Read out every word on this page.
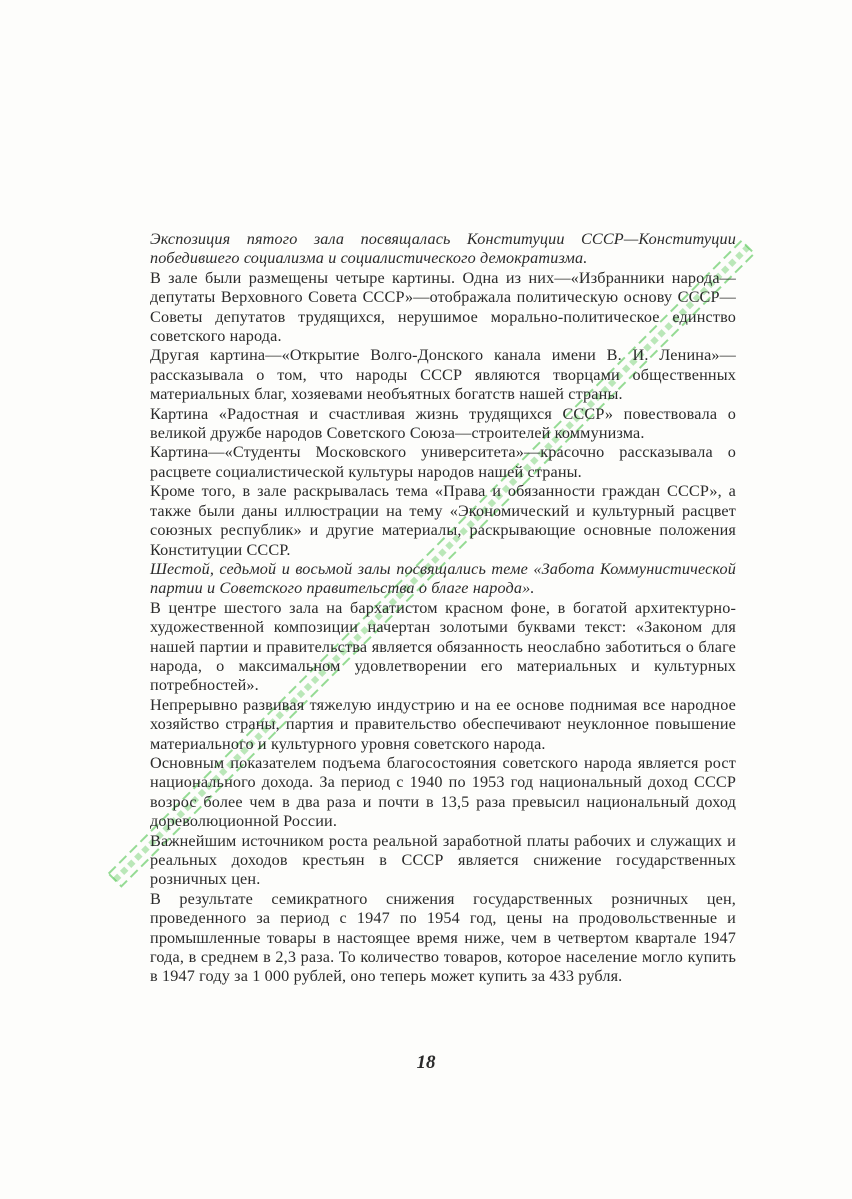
Экспозиция пятого зала посвящалась Конституции СССР—Конституции победившего социализма и социалистического демократизма.

В зале были размещены четыре картины. Одна из них—«Избранники народа—депутаты Верховного Совета СССР»—отображала политическую основу СССР—Советы депутатов трудящихся, нерушимое морально-политическое единство советского народа.

Другая картина—«Открытие Волго-Донского канала имени В. И. Ленина»—рассказывала о том, что народы СССР являются творцами общественных материальных благ, хозяевами необъятных богатств нашей страны.

Картина «Радостная и счастливая жизнь трудящихся СССР» повествовала о великой дружбе народов Советского Союза—строителей коммунизма.

Картина—«Студенты Московского университета»—красочно рассказывала о расцвете социалистической культуры народов нашей страны.

Кроме того, в зале раскрывалась тема «Права и обязанности граждан СССР», а также были даны иллюстрации на тему «Экономический и культурный расцвет союзных республик» и другие материалы, раскрывающие основные положения Конституции СССР.

Шестой, седьмой и восьмой залы посвящались теме «Забота Коммунистической партии и Советского правительства о благе народа».

В центре шестого зала на бархатистом красном фоне, в богатой архитектурно-художественной композиции начертан золотыми буквами текст: «Законом для нашей партии и правительства является обязанность неослабно заботиться о благе народа, о максимальном удовлетворении его материальных и культурных потребностей».

Непрерывно развивая тяжелую индустрию и на ее основе поднимая все народное хозяйство страны, партия и правительство обеспечивают неуклонное повышение материального и культурного уровня советского народа.

Основным показателем подъема благосостояния советского народа является рост национального дохода. За период с 1940 по 1953 год национальный доход СССР возрос более чем в два раза и почти в 13,5 раза превысил национальный доход дореволюционной России.

Важнейшим источником роста реальной заработной платы рабочих и служащих и реальных доходов крестьян в СССР является снижение государственных розничных цен.

В результате семикратного снижения государственных розничных цен, проведенного за период с 1947 по 1954 год, цены на продовольственные и промышленные товары в настоящее время ниже, чем в четвертом квартале 1947 года, в среднем в 2,3 раза. То количество товаров, которое население могло купить в 1947 году за 1 000 рублей, оно теперь может купить за 433 рубля.

18
